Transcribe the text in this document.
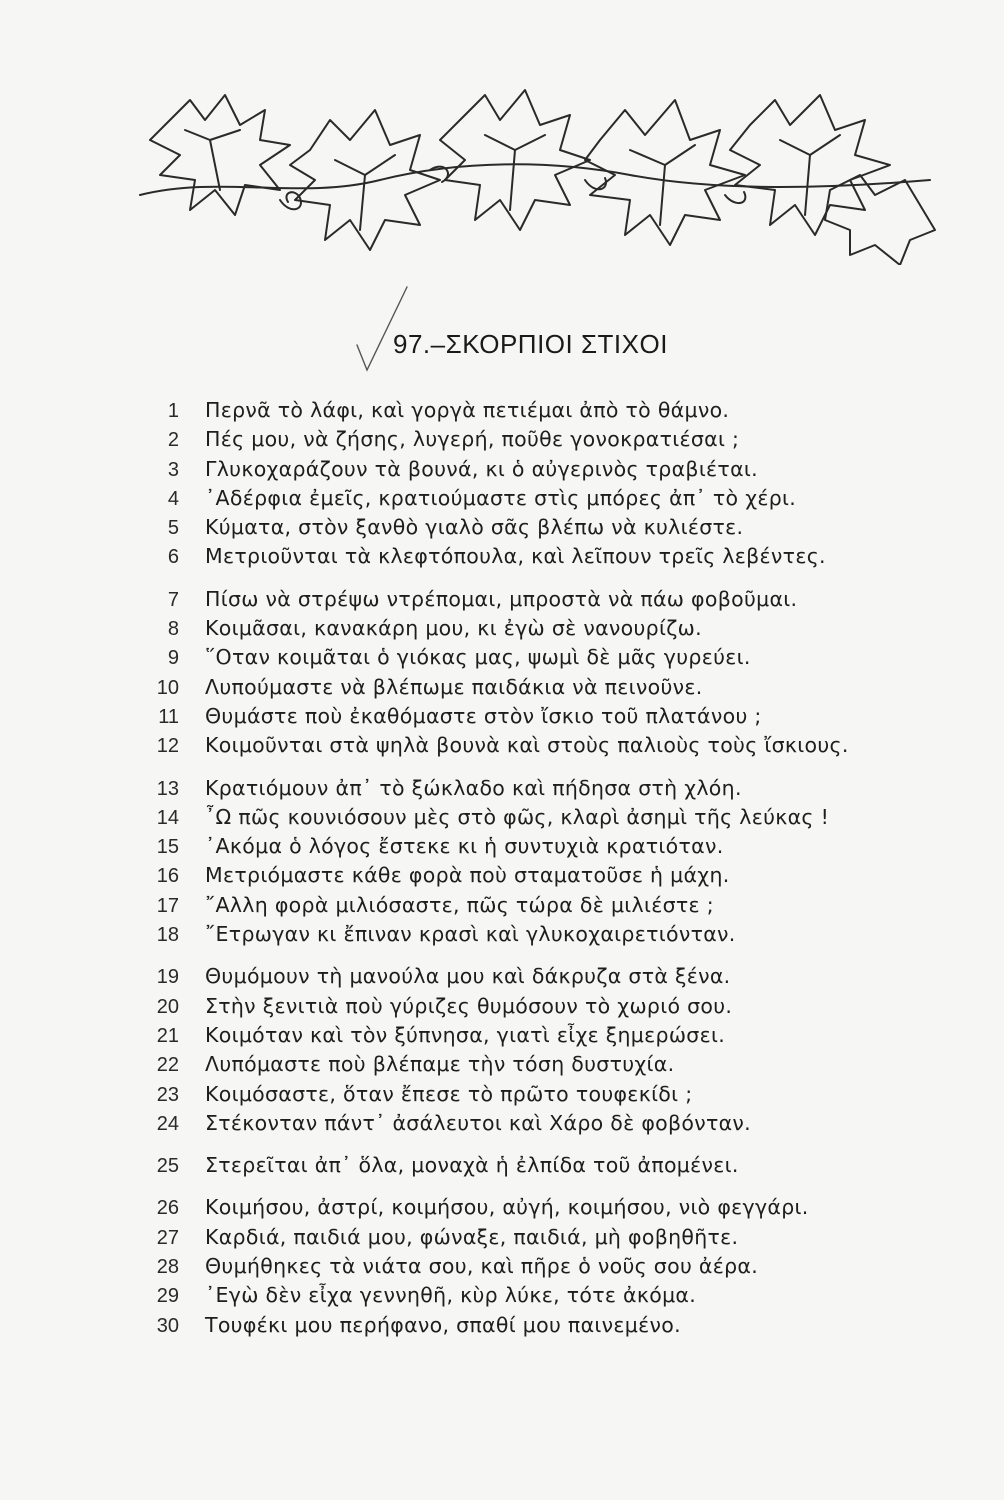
97.–ΣΚΟΡΠΙΟΙ ΣΤΙΧΟΙ
1 Περνᾶ τὸ λάφι, καὶ γοργὰ πετιέμαι ἀπὸ τὸ θάμνο.
2 Πές μου, νὰ ζήσης, λυγερή, ποῦθε γονοκρατιέσαι ;
3 Γλυκοχαράζουν τὰ βουνά, κι ὁ αὐγερινὸς τραβιέται.
4 ᾿Αδέρφια ἐμεῖς, κρατιούμαστε στὶς μπόρες ἀπ᾿ τὸ χέρι.
5 Κύματα, στὸν ξανθὸ γιαλὸ σᾶς βλέπω νὰ κυλιέστε.
6 Μετριοῦνται τὰ κλεφτόπουλα, καὶ λεῖπουν τρεῖς λεβέντες.
7 Πίσω νὰ στρέψω ντρέπομαι, μπροστὰ νὰ πάω φοβοῦμαι.
8 Κοιμᾶσαι, κανακάρη μου, κι ἐγὼ σὲ νανουρίζω.
9 ῞Οταν κοιμᾶται ὁ γιόκας μας, ψωμὶ δὲ μᾶς γυρεύει.
10 Λυπούμαστε νὰ βλέπωμε παιδάκια νὰ πεινοῦνε.
11 Θυμάστε ποὺ ἐκαθόμαστε στὸν ἴσκιο τοῦ πλατάνου ;
12 Κοιμοῦνται στὰ ψηλὰ βουνὰ καὶ στοὺς παλιοὺς τοὺς ἴσκιους.
13 Κρατιόμουν ἀπ᾿ τὸ ξώκλαδο καὶ πήδησα στὴ χλόη.
14 ῏Ω πῶς κουνιόσουν μὲς στὸ φῶς, κλαρὶ ἀσημὶ τῆς λεύκας !
15 ᾿Ακόμα ὁ λόγος ἔστεκε κι ἡ συντυχιὰ κρατιόταν.
16 Μετριόμαστε κάθε φορὰ ποὺ σταματοῦσε ἡ μάχη.
17 ῎Αλλη φορὰ μιλιόσαστε, πῶς τώρα δὲ μιλιέστε ;
18 ῎Ετρωγαν κι ἔπιναν κρασὶ καὶ γλυκοχαιρετιόνταν.
19 Θυμόμουν τὴ μανούλα μου καὶ δάκρυζα στὰ ξένα.
20 Στὴν ξενιτιὰ ποὺ γύριζες θυμόσουν τὸ χωριό σου.
21 Κοιμόταν καὶ τὸν ξύπνησα, γιατὶ εἶχε ξημερώσει.
22 Λυπόμαστε ποὺ βλέπαμε τὴν τόση δυστυχία.
23 Κοιμόσαστε, ὅταν ἔπεσε τὸ πρῶτο τουφεκίδι ;
24 Στέκονταν πάντ᾿ ἀσάλευτοι καὶ Χάρο δὲ φοβόνταν.
25 Στερεῖται ἀπ᾿ ὅλα, μοναχὰ ἡ ἐλπίδα τοῦ ἀπομένει.
26 Κοιμήσου, ἀστρί, κοιμήσου, αὐγή, κοιμήσου, νιὸ φεγγάρι.
27 Καρδιά, παιδιά μου, φώναξε, παιδιά, μὴ φοβηθῆτε.
28 Θυμήθηκες τὰ νιάτα σου, καὶ πῆρε ὁ νοῦς σου ἀέρα.
29 ᾿Εγὼ δὲν εἶχα γεννηθῆ, κὺρ λύκε, τότε ἀκόμα.
30 Τουφέκι μου περήφανο, σπαθί μου παινεμένο.
